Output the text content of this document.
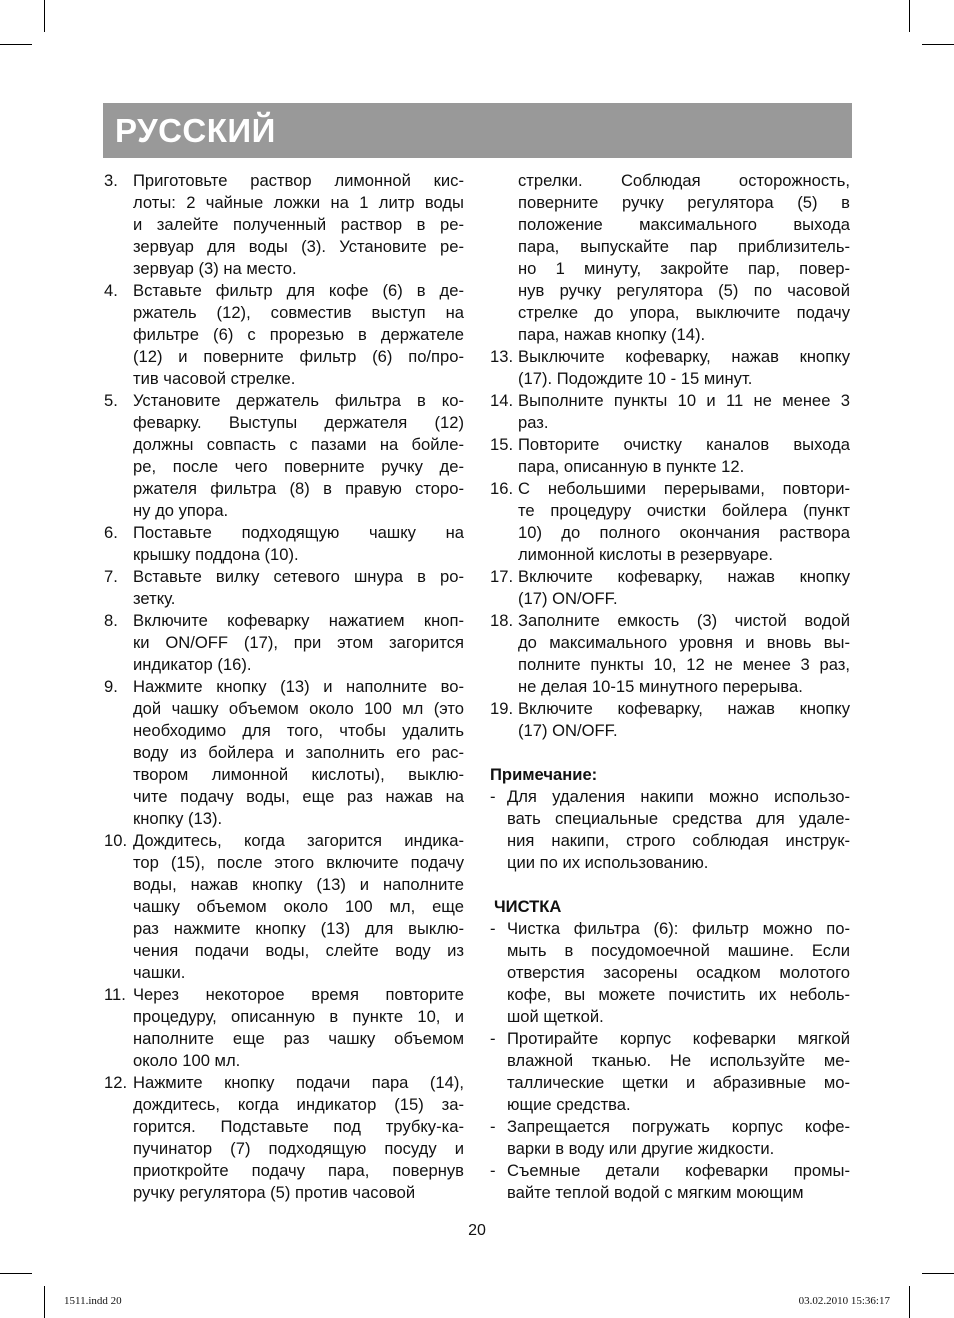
РУССКИЙ
3. Приготовьте раствор лимонной кис-
лоты: 2 чайные ложки на 1 литр воды
и залейте полученный раствор в ре-
зервуар для воды (3). Установите ре-
зервуар (3) на место.
4. Вставьте фильтр для кофе (6) в де-
ржатель (12), совместив выступ на
фильтре (6) с прорезью в держателе
(12) и поверните фильтр (6) по/про-
тив часовой стрелке.
5. Установите держатель фильтра в ко-
феварку. Выступы держателя (12)
должны совпасть с пазами на бойле-
ре, после чего поверните ручку де-
ржателя фильтра (8) в правую сторо-
ну до упора.
6. Поставьте подходящую чашку на
крышку поддона (10).
7. Вставьте вилку сетевого шнура в ро-
зетку.
8. Включите кофеварку нажатием кноп-
ки ON/OFF (17), при этом загорится
индикатор (16).
9. Нажмите кнопку (13) и наполните во-
дой чашку объемом около 100 мл (это
необходимо для того, чтобы удалить
воду из бойлера и заполнить его рас-
твором лимонной кислоты), выклю-
чите подачу воды, еще раз нажав на
кнопку (13).
10. Дождитесь, когда загорится индика-
тор (15), после этого включите подачу
воды, нажав кнопку (13) и наполните
чашку объемом около 100 мл, еще
раз нажмите кнопку (13) для выклю-
чения подачи воды, слейте воду из
чашки.
11. Через некоторое время повторите
процедуру, описанную в пункте 10, и
наполните еще раз чашку объемом
около 100 мл.
12. Нажмите кнопку подачи пара (14),
дождитесь, когда индикатор (15) за-
горится. Подставьте под трубку-ка-
пучинатор (7) подходящую посуду и
приоткройте подачу пара, повернув
ручку регулятора (5) против часовой
стрелки. Соблюдая осторожность,
поверните ручку регулятора (5) в
положение максимального выхода
пара, выпускайте пар приблизитель-
но 1 минуту, закройте пар, повер-
нув ручку регулятора (5) по часовой
стрелке до упора, выключите подачу
пара, нажав кнопку (14).
13. Выключите кофеварку, нажав кнопку
(17). Подождите 10 - 15 минут.
14. Выполните пункты 10 и 11 не менее 3
раз.
15. Повторите очистку каналов выхода
пара, описанную в пункте 12.
16. С небольшими перерывами, повтори-
те процедуру очистки бойлера (пункт
10) до полного окончания раствора
лимонной кислоты в резервуаре.
17. Включите кофеварку, нажав кнопку
(17) ON/OFF.
18. Заполните емкость (3) чистой водой
до максимального уровня и вновь вы-
полните пункты 10, 12 не менее 3 раз,
не делая 10-15 минутного перерыва.
19. Включите кофеварку, нажав кнопку
(17) ON/OFF.
Примечание:
- Для удаления накипи можно использо-
вать специальные средства для удале-
ния накипи, строго соблюдая инструк-
ции по их использованию.
ЧИСТКА
- Чистка фильтра (6): фильтр можно по-
мыть в посудомоечной машине. Если
отверстия засорены осадком молотого
кофе, вы можете почистить их неболь-
шой щеткой.
- Протирайте корпус кофеварки мягкой
влажной тканью. Не используйте ме-
таллические щетки и абразивные мо-
ющие средства.
- Запрещается погружать корпус кофе-
варки в воду или другие жидкости.
- Съемные детали кофеварки промы-
вайте теплой водой с мягким моющим
20
1511.indd 20	03.02.2010 15:36:17
